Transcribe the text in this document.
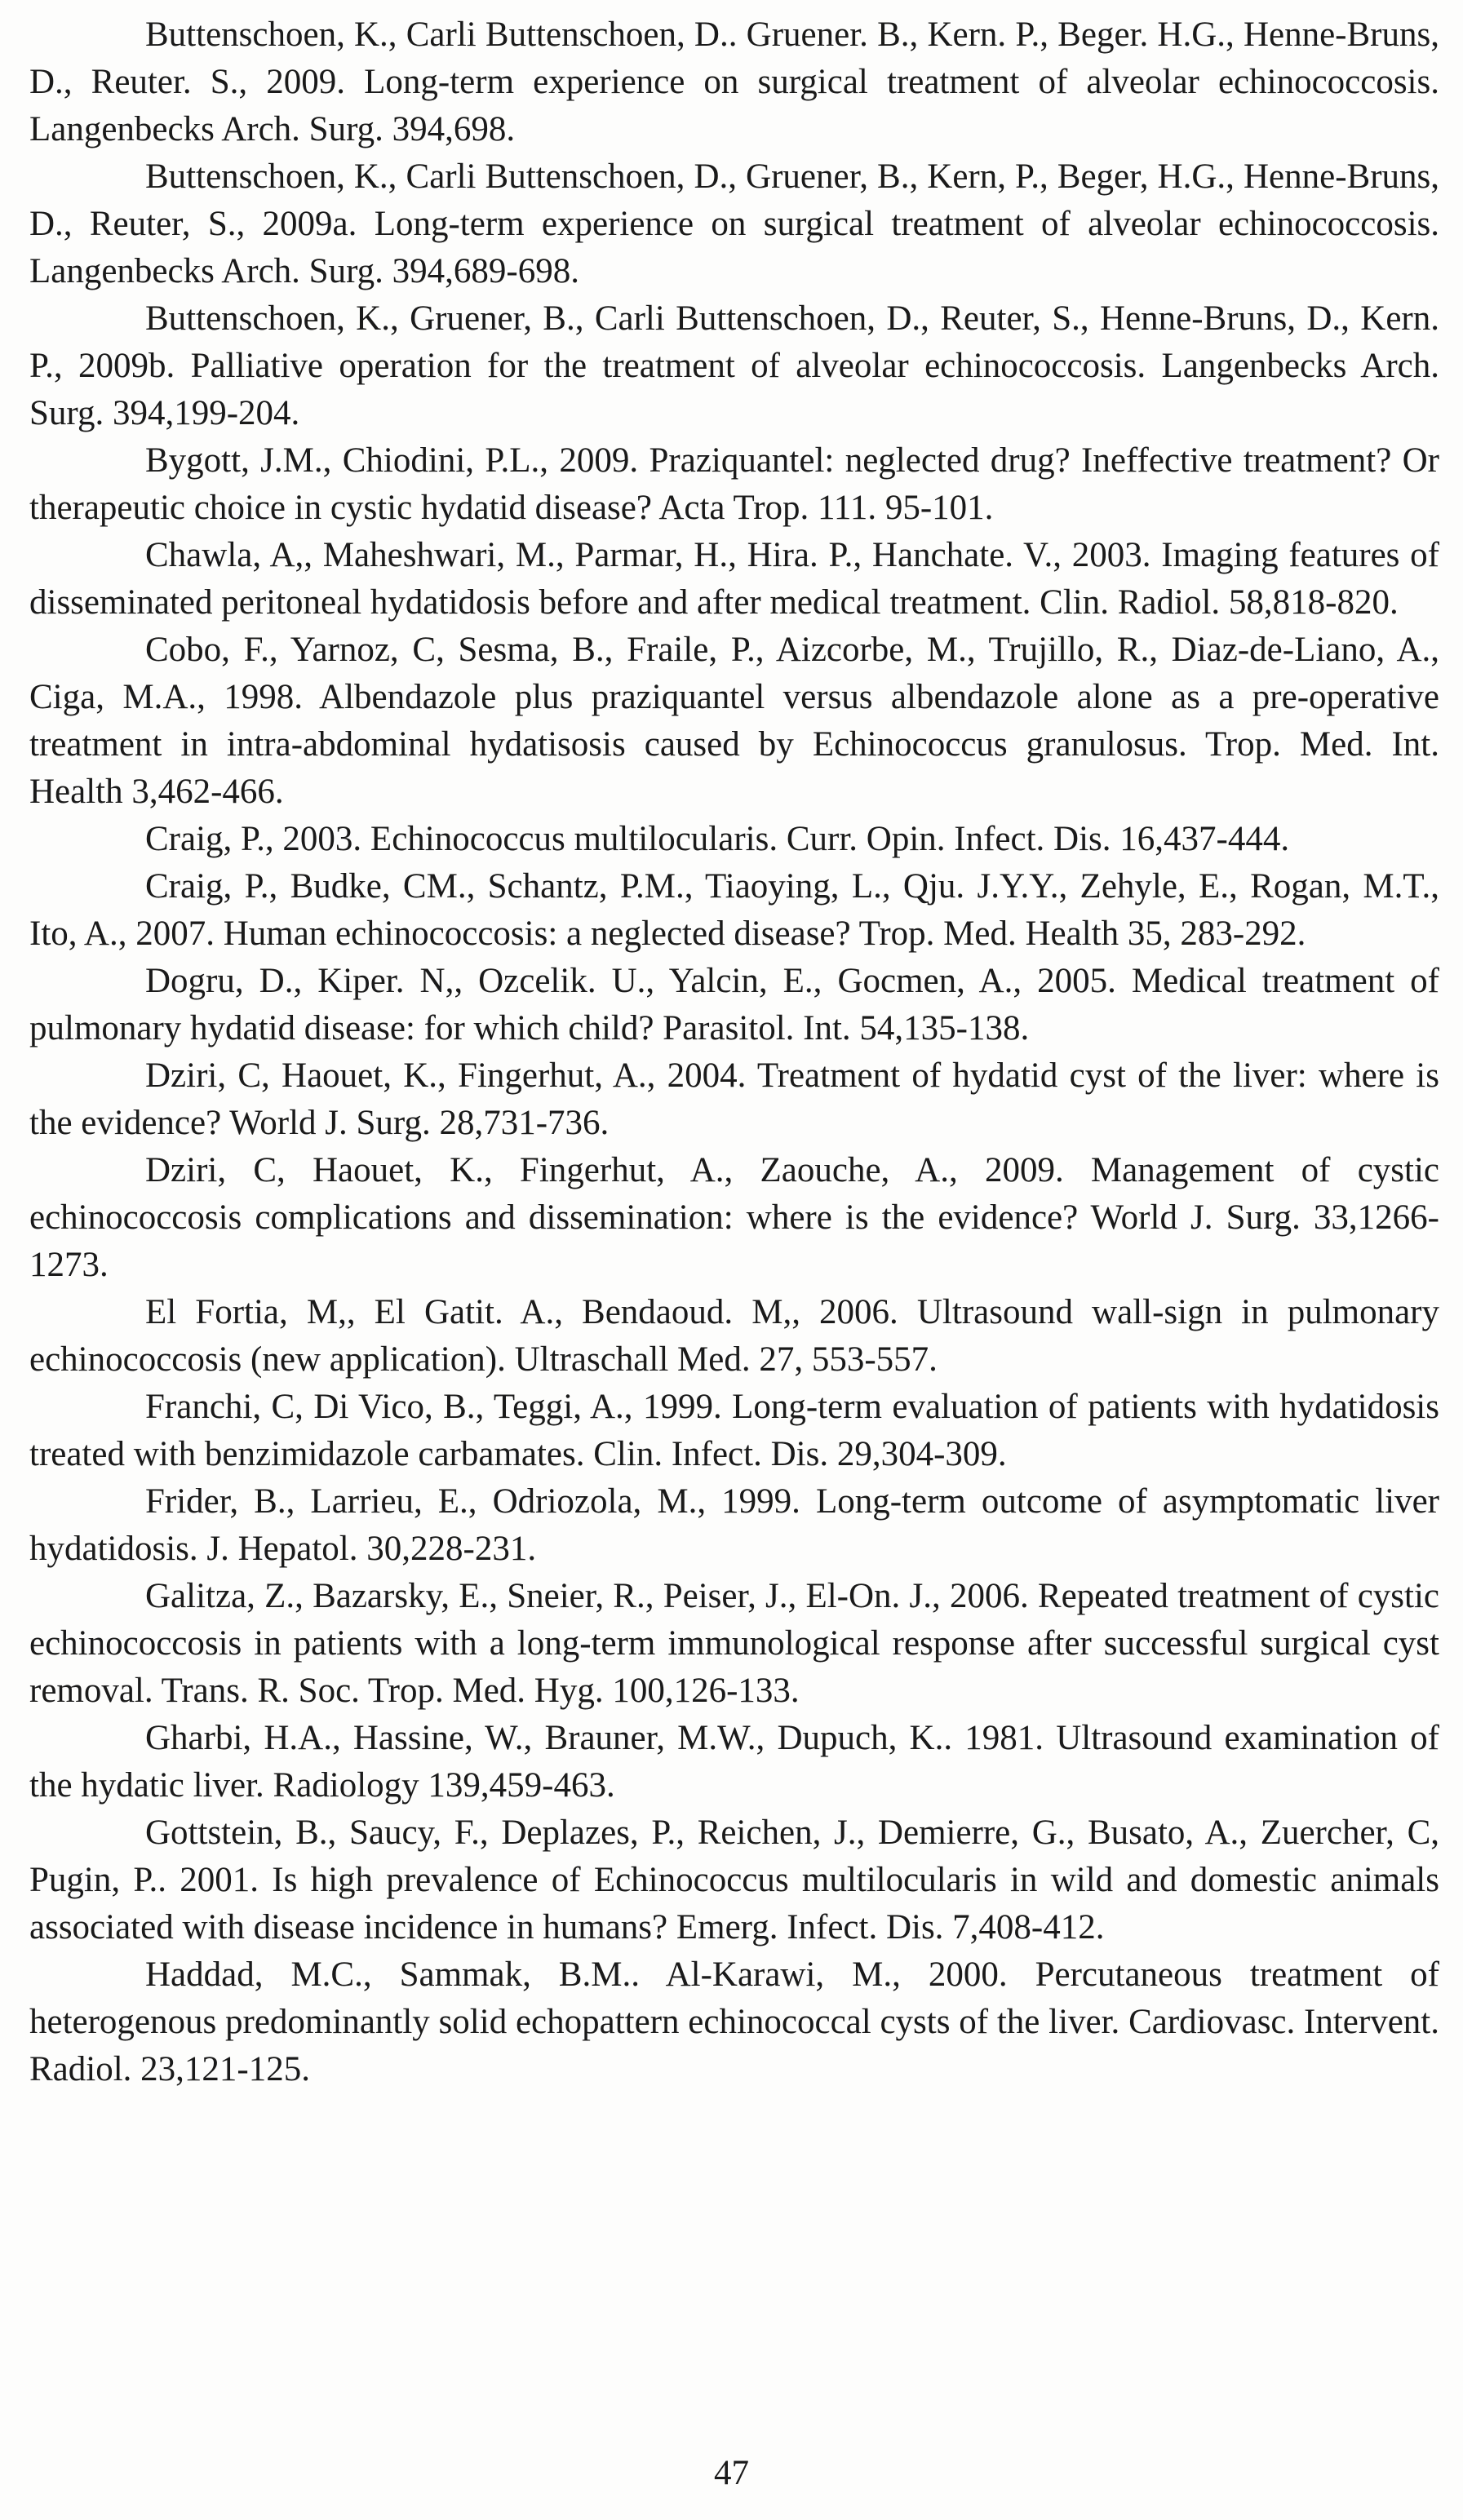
Buttenschoen, K., Carli Buttenschoen, D.. Gruener. B., Kern. P., Beger. H.G., Henne-Bruns, D., Reuter. S., 2009. Long-term experience on surgical treatment of alveolar echinococcosis. Langenbecks Arch. Surg. 394,698.

Buttenschoen, K., Carli Buttenschoen, D., Gruener, B., Kern, P., Beger, H.G., Henne-Bruns, D., Reuter, S., 2009a. Long-term experience on surgical treatment of alveolar echinococcosis. Langenbecks Arch. Surg. 394,689-698.

Buttenschoen, K., Gruener, B., Carli Buttenschoen, D., Reuter, S., Henne-Bruns, D., Kern. P., 2009b. Palliative operation for the treatment of alveolar echinococcosis. Langenbecks Arch. Surg. 394,199-204.

Bygott, J.M., Chiodini, P.L., 2009. Praziquantel: neglected drug? Ineffective treatment? Or therapeutic choice in cystic hydatid disease? Acta Trop. 111. 95-101.

Chawla, A,, Maheshwari, M., Parmar, H., Hira. P., Hanchate. V., 2003. Imaging features of disseminated peritoneal hydatidosis before and after medical treatment. Clin. Radiol. 58,818-820.

Cobo, F., Yarnoz, C, Sesma, B., Fraile, P., Aizcorbe, M., Trujillo, R., Diaz-de-Liano, A., Ciga, M.A., 1998. Albendazole plus praziquantel versus albendazole alone as a pre-operative treatment in intra-abdominal hydatisosis caused by Echinococcus granulosus. Trop. Med. Int. Health 3,462-466.

Craig, P., 2003. Echinococcus multilocularis. Curr. Opin. Infect. Dis. 16,437-444.

Craig, P., Budke, CM., Schantz, P.M., Tiaoying, L., Qju. J.Y.Y., Zehyle, E., Rogan, M.T., Ito, A., 2007. Human echinococcosis: a neglected disease? Trop. Med. Health 35, 283-292.

Dogru, D., Kiper. N,, Ozcelik. U., Yalcin, E., Gocmen, A., 2005. Medical treatment of pulmonary hydatid disease: for which child? Parasitol. Int. 54,135-138.

Dziri, C, Haouet, K., Fingerhut, A., 2004. Treatment of hydatid cyst of the liver: where is the evidence? World J. Surg. 28,731-736.

Dziri, C, Haouet, K., Fingerhut, A., Zaouche, A., 2009. Management of cystic echinococcosis complications and dissemination: where is the evidence? World J. Surg. 33,1266-1273.

El Fortia, M,, El Gatit. A., Bendaoud. M,, 2006. Ultrasound wall-sign in pulmonary echinococcosis (new application). Ultraschall Med. 27, 553-557.

Franchi, C, Di Vico, B., Teggi, A., 1999. Long-term evaluation of patients with hydatidosis treated with benzimidazole carbamates. Clin. Infect. Dis. 29,304-309.

Frider, B., Larrieu, E., Odriozola, M., 1999. Long-term outcome of asymptomatic liver hydatidosis. J. Hepatol. 30,228-231.

Galitza, Z., Bazarsky, E., Sneier, R., Peiser, J., El-On. J., 2006. Repeated treatment of cystic echinococcosis in patients with a long-term immunological response after successful surgical cyst removal. Trans. R. Soc. Trop. Med. Hyg. 100,126-133.

Gharbi, H.A., Hassine, W., Brauner, M.W., Dupuch, K.. 1981. Ultrasound examination of the hydatic liver. Radiology 139,459-463.

Gottstein, B., Saucy, F., Deplazes, P., Reichen, J., Demierre, G., Busato, A., Zuercher, C, Pugin, P.. 2001. Is high prevalence of Echinococcus multilocularis in wild and domestic animals associated with disease incidence in humans? Emerg. Infect. Dis. 7,408-412.

Haddad, M.C., Sammak, B.M.. Al-Karawi, M., 2000. Percutaneous treatment of heterogenous predominantly solid echopattern echinococcal cysts of the liver. Cardiovasc. Intervent. Radiol. 23,121-125.

47
